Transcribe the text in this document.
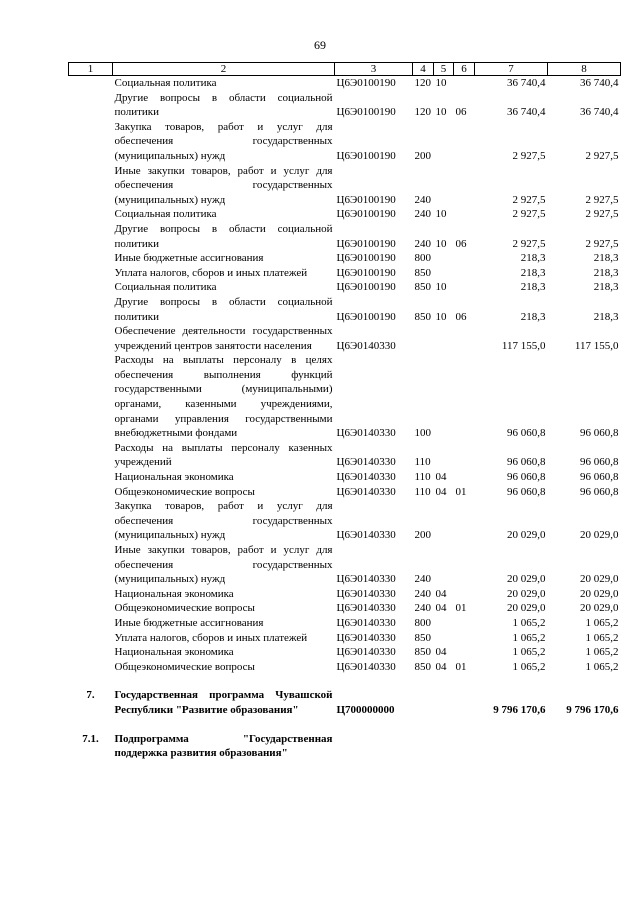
69
1	2	3	4	5	6	7	8
	Социальная политика	Ц6Э0100190	120	10		36 740,4	36 740,4
	Другие вопросы в области социальной политики	Ц6Э0100190	120	10	06	36 740,4	36 740,4
	Закупка товаров, работ и услуг для обеспечения государственных (муниципальных) нужд	Ц6Э0100190	200			2 927,5	2 927,5
	Иные закупки товаров, работ и услуг для обеспечения государственных (муниципальных) нужд	Ц6Э0100190	240			2 927,5	2 927,5
	Социальная политика	Ц6Э0100190	240	10		2 927,5	2 927,5
	Другие вопросы в области социальной политики	Ц6Э0100190	240	10	06	2 927,5	2 927,5
	Иные бюджетные ассигнования	Ц6Э0100190	800			218,3	218,3
	Уплата налогов, сборов и иных платежей	Ц6Э0100190	850			218,3	218,3
	Социальная политика	Ц6Э0100190	850	10		218,3	218,3
	Другие вопросы в области социальной политики	Ц6Э0100190	850	10	06	218,3	218,3
	Обеспечение деятельности государственных учреждений центров занятости населения	Ц6Э0140330				117 155,0	117 155,0
	Расходы на выплаты персоналу в целях обеспечения выполнения функций государственными (муниципальными) органами, казенными учреждениями, органами управления государственными внебюджетными фондами	Ц6Э0140330	100			96 060,8	96 060,8
	Расходы на выплаты персоналу казенных учреждений	Ц6Э0140330	110			96 060,8	96 060,8
	Национальная экономика	Ц6Э0140330	110	04		96 060,8	96 060,8
	Общеэкономические вопросы	Ц6Э0140330	110	04	01	96 060,8	96 060,8
	Закупка товаров, работ и услуг для обеспечения государственных (муниципальных) нужд	Ц6Э0140330	200			20 029,0	20 029,0
	Иные закупки товаров, работ и услуг для обеспечения государственных (муниципальных) нужд	Ц6Э0140330	240			20 029,0	20 029,0
	Национальная экономика	Ц6Э0140330	240	04		20 029,0	20 029,0
	Общеэкономические вопросы	Ц6Э0140330	240	04	01	20 029,0	20 029,0
	Иные бюджетные ассигнования	Ц6Э0140330	800			1 065,2	1 065,2
	Уплата налогов, сборов и иных платежей	Ц6Э0140330	850			1 065,2	1 065,2
	Национальная экономика	Ц6Э0140330	850	04		1 065,2	1 065,2
	Общеэкономические вопросы	Ц6Э0140330	850	04	01	1 065,2	1 065,2

7.	Государственная программа Чувашской Республики "Развитие образования"	Ц700000000				9 796 170,6	9 796 170,6

7.1.	Подпрограмма "Государственная поддержка развития образования"						
